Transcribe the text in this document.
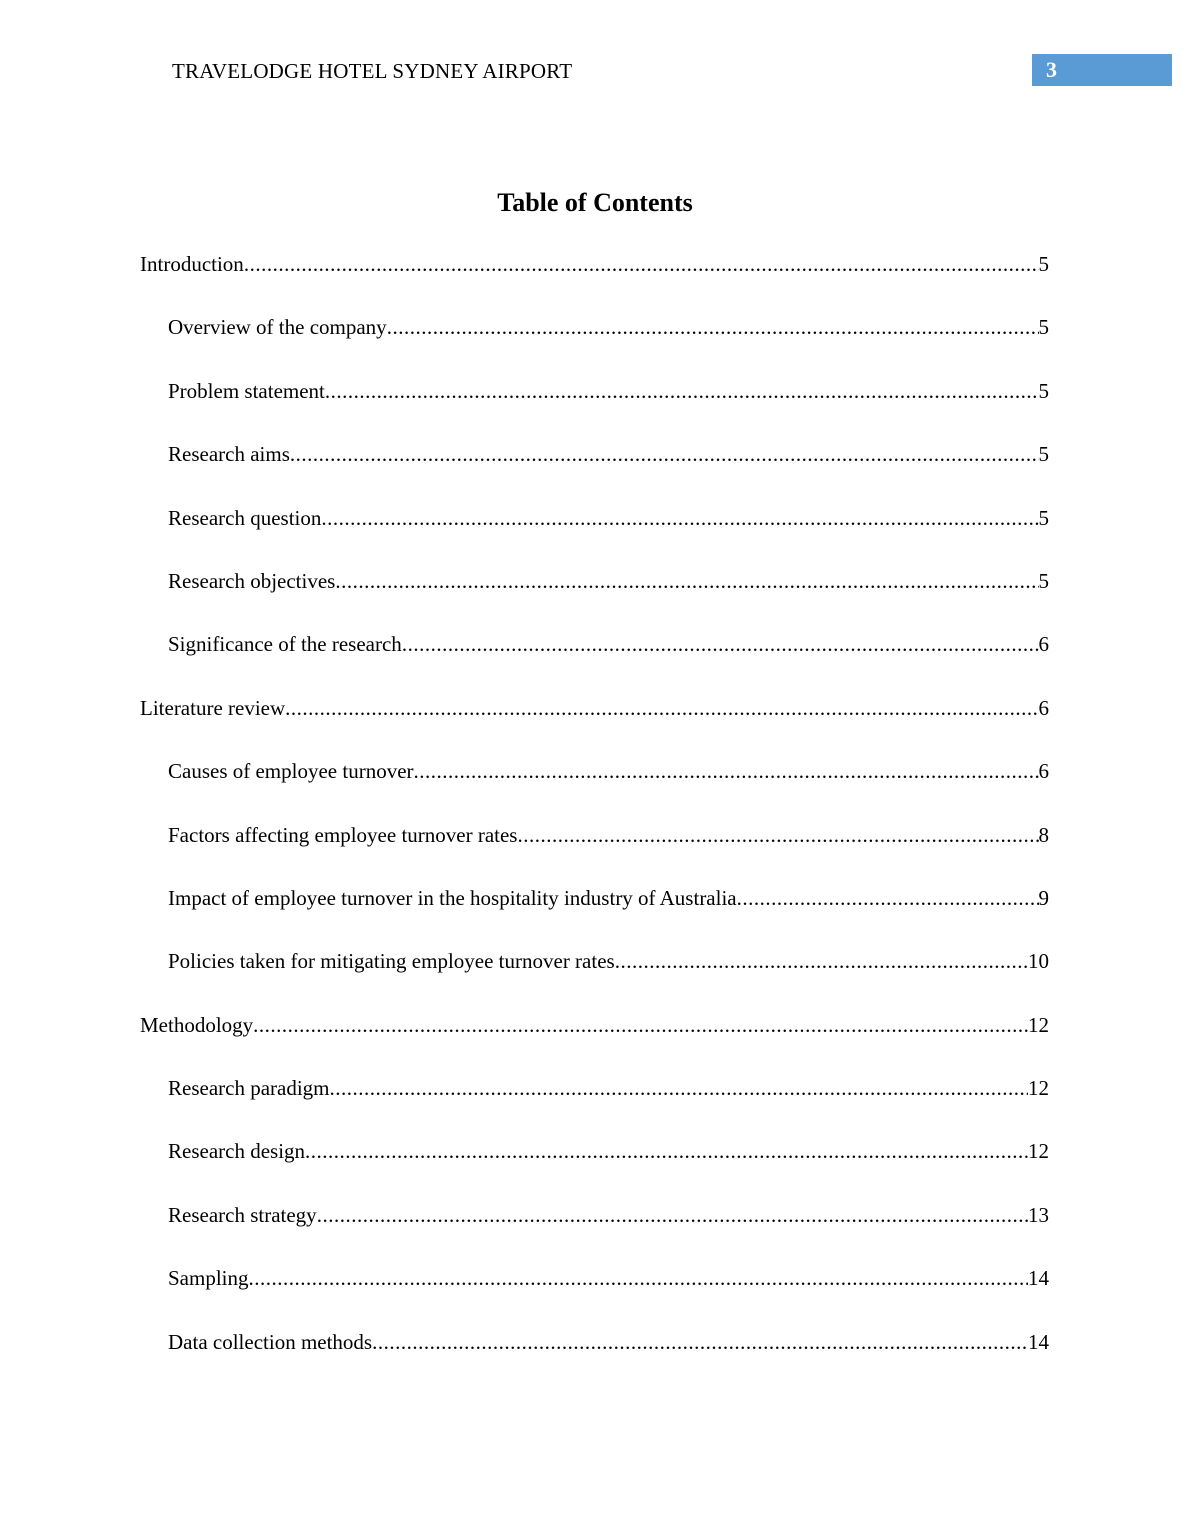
TRAVELODGE HOTEL SYDNEY AIRPORT	3
Table of Contents
Introduction .....	5
Overview of the company .....	5
Problem statement .....	5
Research aims .....	5
Research question .....	5
Research objectives .....	5
Significance of the research .....	6
Literature review .....	6
Causes of employee turnover .....	6
Factors affecting employee turnover rates .....	8
Impact of employee turnover in the hospitality industry of Australia .....	9
Policies taken for mitigating employee turnover rates .....	10
Methodology .....	12
Research paradigm .....	12
Research design .....	12
Research strategy .....	13
Sampling .....	14
Data collection methods .....	14
